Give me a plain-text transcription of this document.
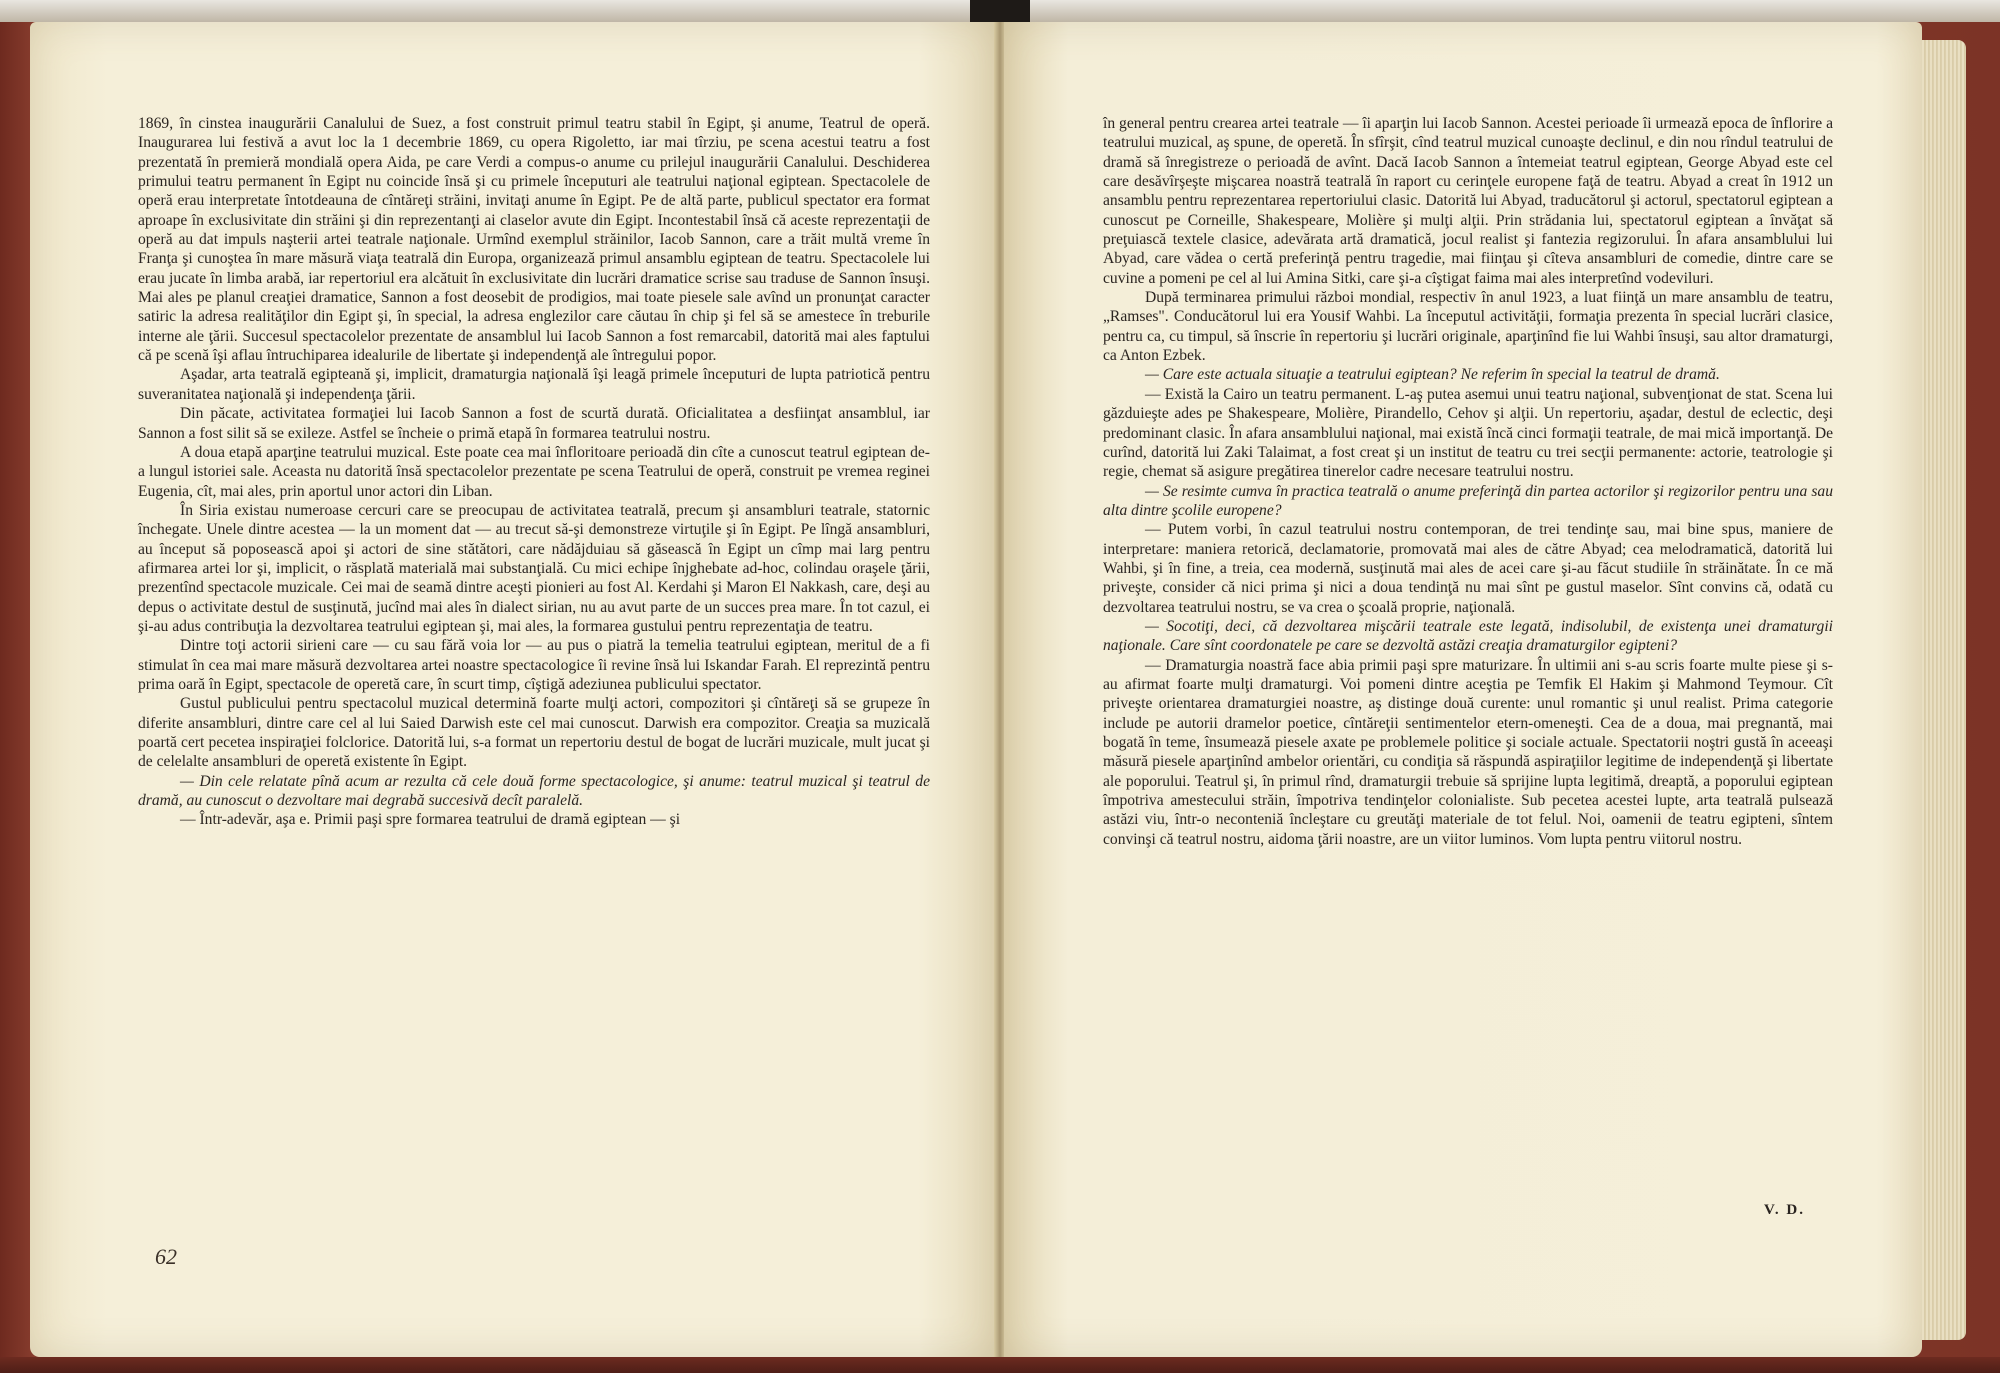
1869, în cinstea inaugurării Canalului de Suez, a fost construit primul teatru stabil în Egipt, şi anume, Teatrul de operă. Inaugurarea lui festivă a avut loc la 1 decembrie 1869, cu opera Rigoletto, iar mai tîrziu, pe scena acestui teatru a fost prezentată în premieră mondială opera Aida, pe care Verdi a compus-o anume cu prilejul inaugurării Canalului. Deschiderea primului teatru permanent în Egipt nu coincide însă şi cu primele începuturi ale teatrului naţional egiptean. Spectacolele de operă erau interpretate întotdeauna de cîntăreţi străini, invitaţi anume în Egipt. Pe de altă parte, publicul spectator era format aproape în exclusivitate din străini şi din reprezentanţi ai claselor avute din Egipt. Incontestabil însă că aceste reprezentaţii de operă au dat impuls naşterii artei teatrale naţionale. Urmînd exemplul străinilor, Iacob Sannon, care a trăit multă vreme în Franţa şi cunoştea în mare măsură viaţa teatrală din Europa, organizează primul ansamblu egiptean de teatru. Spectacolele lui erau jucate în limba arabă, iar repertoriul era alcătuit în exclusivitate din lucrări dramatice scrise sau traduse de Sannon însuşi. Mai ales pe planul creaţiei dramatice, Sannon a fost deosebit de prodigios, mai toate piesele sale avînd un pronunţat caracter satiric la adresa realităţilor din Egipt şi, în special, la adresa englezilor care căutau în chip şi fel să se amestece în treburile interne ale ţării. Succesul spectacolelor prezentate de ansamblul lui Iacob Sannon a fost remarcabil, datorită mai ales faptului că pe scenă îşi aflau întruchiparea idealurile de libertate şi independenţă ale întregului popor.

Aşadar, arta teatrală egipteană şi, implicit, dramaturgia naţională îşi leagă primele începuturi de lupta patriotică pentru suveranitatea naţională şi independenţa ţării.

Din păcate, activitatea formaţiei lui Iacob Sannon a fost de scurtă durată. Oficialitatea a desfiinţat ansamblul, iar Sannon a fost silit să se exileze. Astfel se încheie o primă etapă în formarea teatrului nostru.

A doua etapă aparţine teatrului muzical. Este poate cea mai înfloritoare perioadă din cîte a cunoscut teatrul egiptean de-a lungul istoriei sale. Aceasta nu datorită însă spectacolelor prezentate pe scena Teatrului de operă, construit pe vremea reginei Eugenia, cît, mai ales, prin aportul unor actori din Liban.

În Siria existau numeroase cercuri care se preocupau de activitatea teatrală, precum şi ansambluri teatrale, statornic închegate. Unele dintre acestea — la un moment dat — au trecut să-şi demonstreze virtuţile şi în Egipt. Pe lîngă ansambluri, au început să poposească apoi şi actori de sine stătători, care nădăjduiau să găsească în Egipt un cîmp mai larg pentru afirmarea artei lor şi, implicit, o răsplată materială mai substanţială. Cu mici echipe înjghebate ad-hoc, colindau oraşele ţării, prezentînd spectacole muzicale. Cei mai de seamă dintre aceşti pionieri au fost Al. Kerdahi şi Maron El Nakkash, care, deşi au depus o activitate destul de susţinută, jucînd mai ales în dialect sirian, nu au avut parte de un succes prea mare. În tot cazul, ei şi-au adus contribuţia la dezvoltarea teatrului egiptean şi, mai ales, la formarea gustului pentru reprezentaţia de teatru.

Dintre toţi actorii sirieni care — cu sau fără voia lor — au pus o piatră la temelia teatrului egiptean, meritul de a fi stimulat în cea mai mare măsură dezvoltarea artei noastre spectacologice îi revine însă lui Iskandar Farah. El reprezintă pentru prima oară în Egipt, spectacole de operetă care, în scurt timp, cîştigă adeziunea publicului spectator.

Gustul publicului pentru spectacolul muzical determină foarte mulţi actori, compozitori şi cîntăreţi să se grupeze în diferite ansambluri, dintre care cel al lui Saied Darwish este cel mai cunoscut. Darwish era compozitor. Creaţia sa muzicală poartă cert pecetea inspiraţiei folclorice. Datorită lui, s-a format un repertoriu destul de bogat de lucrări muzicale, mult jucat şi de celelalte ansambluri de operetă existente în Egipt.

— Din cele relatate pînă acum ar rezulta că cele două forme spectacologice, şi anume: teatrul muzical şi teatrul de dramă, au cunoscut o dezvoltare mai degrabă succesivă decît paralelă.

— Într-adevăr, aşa e. Primii paşi spre formarea teatrului de dramă egiptean — şi

62

în general pentru crearea artei teatrale — îi aparţin lui Iacob Sannon. Acestei perioade îi urmează epoca de înflorire a teatrului muzical, aş spune, de operetă. În sfîrşit, cînd teatrul muzical cunoaşte declinul, e din nou rîndul teatrului de dramă să înregistreze o perioadă de avînt. Dacă Iacob Sannon a întemeiat teatrul egiptean, George Abyad este cel care desăvîrşeşte mişcarea noastră teatrală în raport cu cerinţele europene faţă de teatru. Abyad a creat în 1912 un ansamblu pentru reprezentarea repertoriului clasic. Datorită lui Abyad, traducătorul şi actorul, spectatorul egiptean a cunoscut pe Corneille, Shakespeare, Molière şi mulţi alţii. Prin strădania lui, spectatorul egiptean a învăţat să preţuiască textele clasice, adevărata artă dramatică, jocul realist şi fantezia regizorului. În afara ansamblului lui Abyad, care vădea o certă preferinţă pentru tragedie, mai fiinţau şi cîteva ansambluri de comedie, dintre care se cuvine a pomeni pe cel al lui Amina Sitki, care şi-a cîştigat faima mai ales interpretînd vodeviluri.

După terminarea primului război mondial, respectiv în anul 1923, a luat fiinţă un mare ansamblu de teatru, „Ramses". Conducătorul lui era Yousif Wahbi. La începutul activităţii, formaţia prezenta în special lucrări clasice, pentru ca, cu timpul, să înscrie în repertoriu şi lucrări originale, aparţinînd fie lui Wahbi însuşi, sau altor dramaturgi, ca Anton Ezbek.

— Care este actuala situaţie a teatrului egiptean? Ne referim în special la teatrul de dramă.

— Există la Cairo un teatru permanent. L-aş putea asemui unui teatru naţional, subvenţionat de stat. Scena lui găzduieşte ades pe Shakespeare, Molière, Pirandello, Cehov şi alţii. Un repertoriu, aşadar, destul de eclectic, deşi predominant clasic. În afara ansamblului naţional, mai există încă cinci formaţii teatrale, de mai mică importanţă. De curînd, datorită lui Zaki Talaimat, a fost creat şi un institut de teatru cu trei secţii permanente: actorie, teatrologie şi regie, chemat să asigure pregătirea tinerelor cadre necesare teatrului nostru.

— Se resimte cumva în practica teatrală o anume preferinţă din partea actorilor şi regizorilor pentru una sau alta dintre şcolile europene?

— Putem vorbi, în cazul teatrului nostru contemporan, de trei tendinţe sau, mai bine spus, maniere de interpretare: maniera retorică, declamatorie, promovată mai ales de către Abyad; cea melodramatică, datorită lui Wahbi, şi în fine, a treia, cea modernă, susţinută mai ales de acei care şi-au făcut studiile în străinătate. În ce mă priveşte, consider că nici prima şi nici a doua tendinţă nu mai sînt pe gustul maselor. Sînt convins că, odată cu dezvoltarea teatrului nostru, se va crea o şcoală proprie, naţională.

— Socotiţi, deci, că dezvoltarea mişcării teatrale este legată, indisolubil, de existenţa unei dramaturgii naţionale. Care sînt coordonatele pe care se dezvoltă astăzi creaţia dramaturgilor egipteni?

— Dramaturgia noastră face abia primii paşi spre maturizare. În ultimii ani s-au scris foarte multe piese şi s-au afirmat foarte mulţi dramaturgi. Voi pomeni dintre aceştia pe Temfik El Hakim şi Mahmond Teymour. Cît priveşte orientarea dramaturgiei noastre, aş distinge două curente: unul romantic şi unul realist. Prima categorie include pe autorii dramelor poetice, cîntăreţii sentimentelor etern-omeneşti. Cea de a doua, mai pregnantă, mai bogată în teme, însumează piesele axate pe problemele politice şi sociale actuale. Spectatorii noştri gustă în aceeaşi măsură piesele aparţinînd ambelor orientări, cu condiţia să răspundă aspiraţiilor legitime de independenţă şi libertate ale poporului. Teatrul şi, în primul rînd, dramaturgii trebuie să sprijine lupta legitimă, dreaptă, a poporului egiptean împotriva amestecului străin, împotriva tendinţelor colonialiste. Sub pecetea acestei lupte, arta teatrală pulsează astăzi viu, într-o neconteniă încleştare cu greutăţi materiale de tot felul. Noi, oamenii de teatru egipteni, sîntem convinşi că teatrul nostru, aidoma ţării noastre, are un viitor luminos. Vom lupta pentru viitorul nostru.

V. D.
